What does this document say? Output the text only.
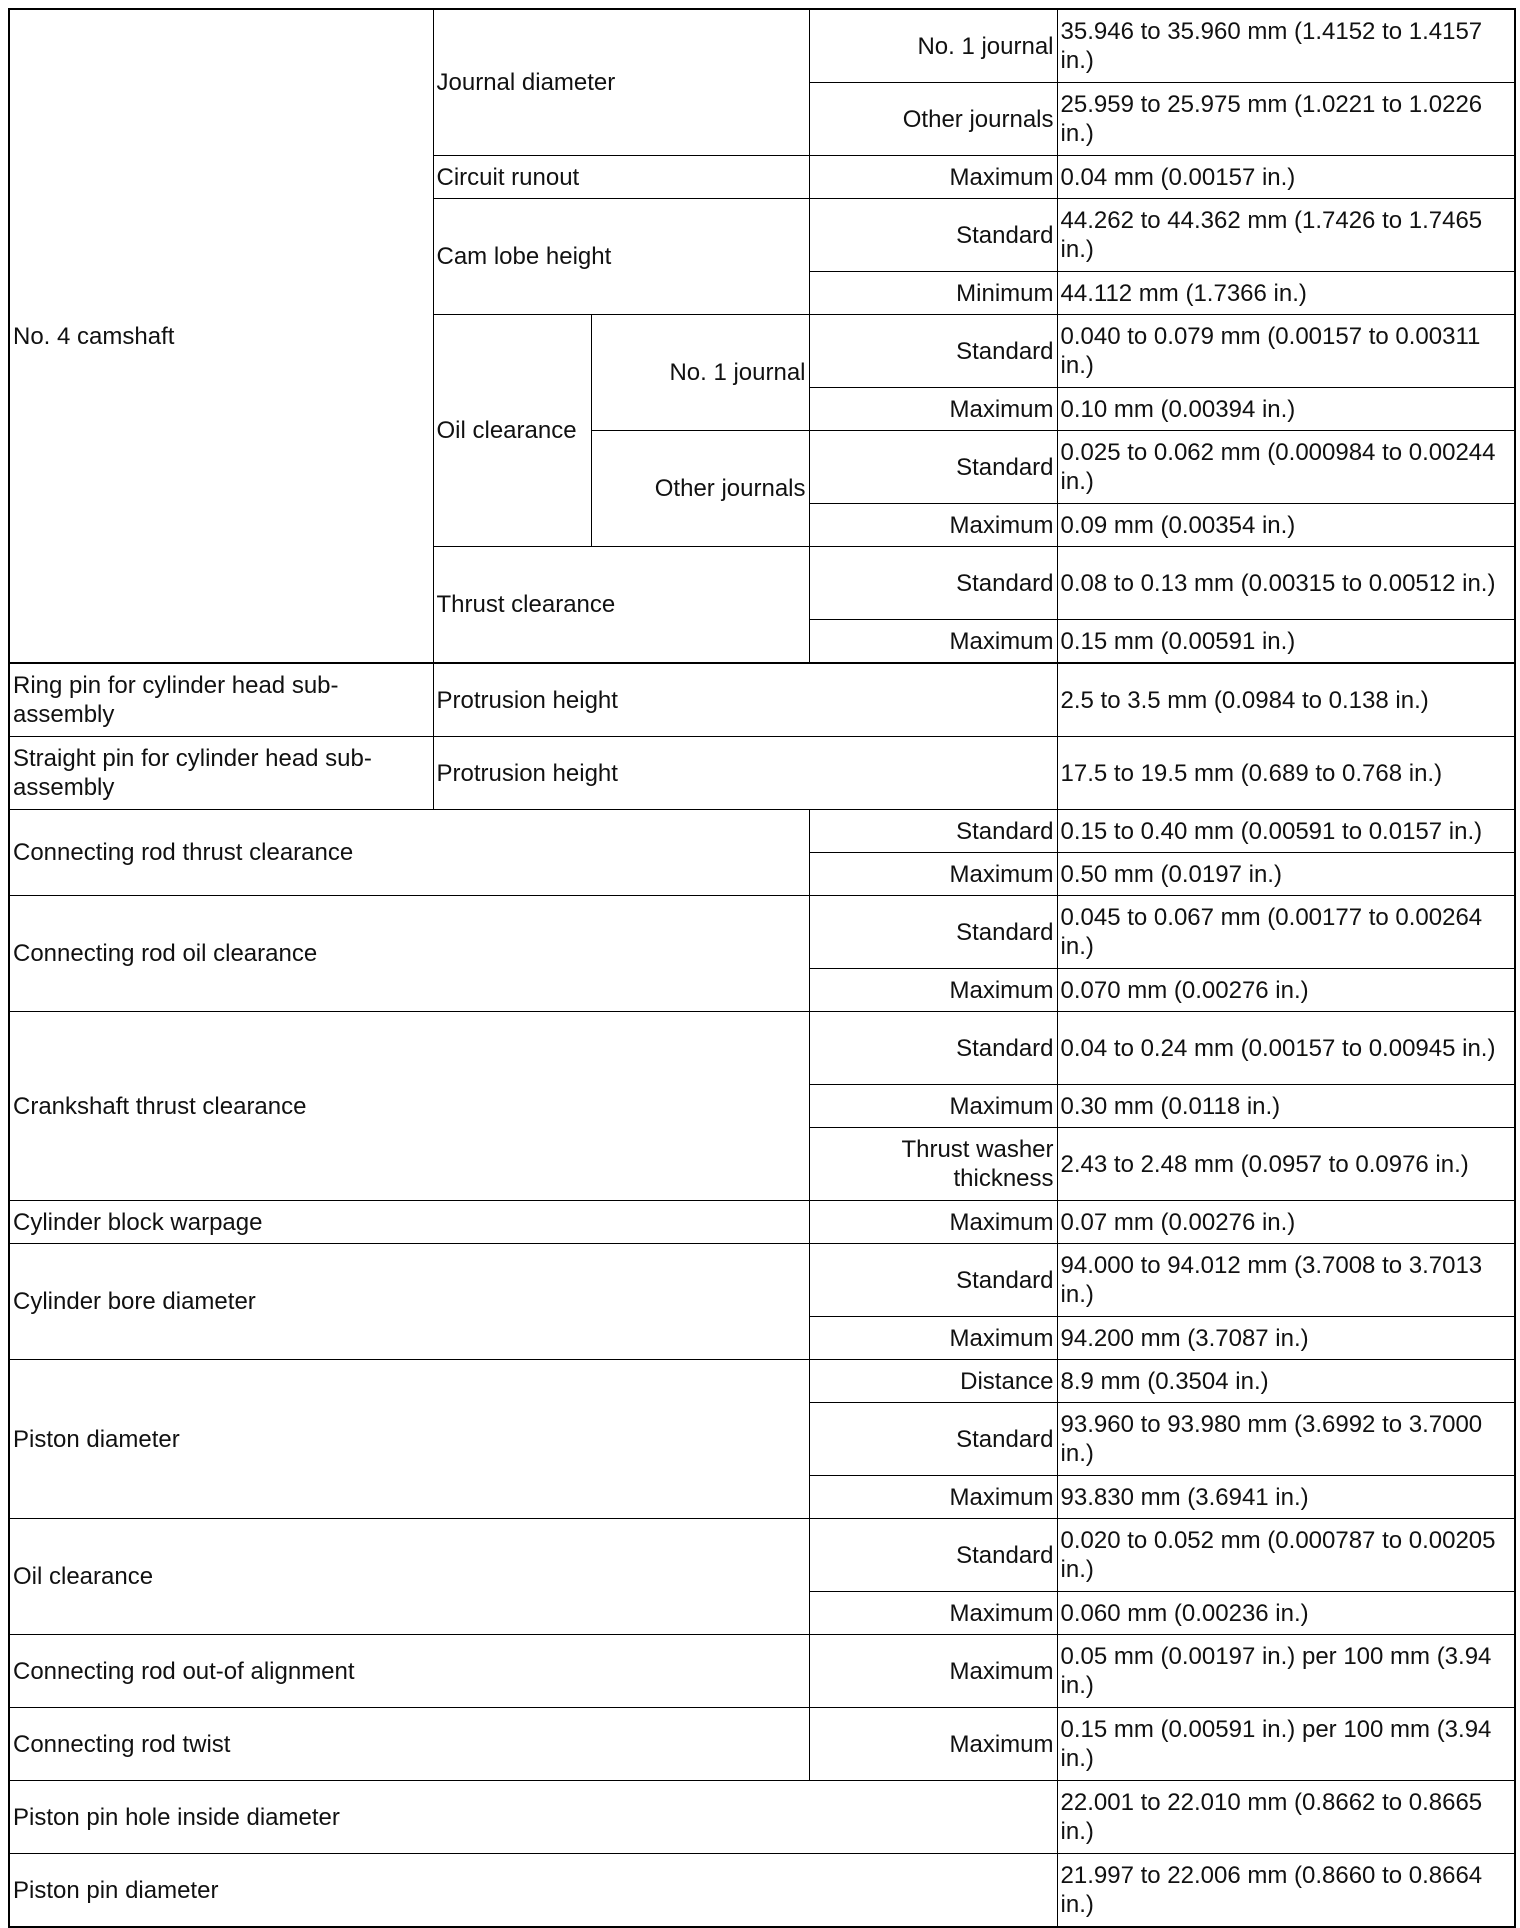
No. 4 camshaft	Journal diameter		No. 1 journal	35.946 to 35.960 mm (1.4152 to 1.4157 in.)
			Other journals	25.959 to 25.975 mm (1.0221 to 1.0226 in.)
	Circuit runout		Maximum	0.04 mm (0.00157 in.)
	Cam lobe height		Standard	44.262 to 44.362 mm (1.7426 to 1.7465 in.)
			Minimum	44.112 mm (1.7366 in.)
	Oil clearance	No. 1 journal	Standard	0.040 to 0.079 mm (0.00157 to 0.00311 in.)
			Maximum	0.10 mm (0.00394 in.)
		Other journals	Standard	0.025 to 0.062 mm (0.000984 to 0.00244 in.)
			Maximum	0.09 mm (0.00354 in.)
	Thrust clearance		Standard	0.08 to 0.13 mm (0.00315 to 0.00512 in.)
			Maximum	0.15 mm (0.00591 in.)
Ring pin for cylinder head sub-assembly	Protrusion height		2.5 to 3.5 mm (0.0984 to 0.138 in.)
Straight pin for cylinder head sub-assembly	Protrusion height		17.5 to 19.5 mm (0.689 to 0.768 in.)
Connecting rod thrust clearance		Standard	0.15 to 0.40 mm (0.00591 to 0.0157 in.)
		Maximum	0.50 mm (0.0197 in.)
Connecting rod oil clearance		Standard	0.045 to 0.067 mm (0.00177 to 0.00264 in.)
		Maximum	0.070 mm (0.00276 in.)
Crankshaft thrust clearance		Standard	0.04 to 0.24 mm (0.00157 to 0.00945 in.)
		Maximum	0.30 mm (0.0118 in.)
		Thrust washer thickness	2.43 to 2.48 mm (0.0957 to 0.0976 in.)
Cylinder block warpage		Maximum	0.07 mm (0.00276 in.)
Cylinder bore diameter		Standard	94.000 to 94.012 mm (3.7008 to 3.7013 in.)
		Maximum	94.200 mm (3.7087 in.)
Piston diameter		Distance	8.9 mm (0.3504 in.)
		Standard	93.960 to 93.980 mm (3.6992 to 3.7000 in.)
		Maximum	93.830 mm (3.6941 in.)
Oil clearance		Standard	0.020 to 0.052 mm (0.000787 to 0.00205 in.)
		Maximum	0.060 mm (0.00236 in.)
Connecting rod out-of alignment		Maximum	0.05 mm (0.00197 in.) per 100 mm (3.94 in.)
Connecting rod twist		Maximum	0.15 mm (0.00591 in.) per 100 mm (3.94 in.)
Piston pin hole inside diameter			22.001 to 22.010 mm (0.8662 to 0.8665 in.)
Piston pin diameter			21.997 to 22.006 mm (0.8660 to 0.8664 in.)
